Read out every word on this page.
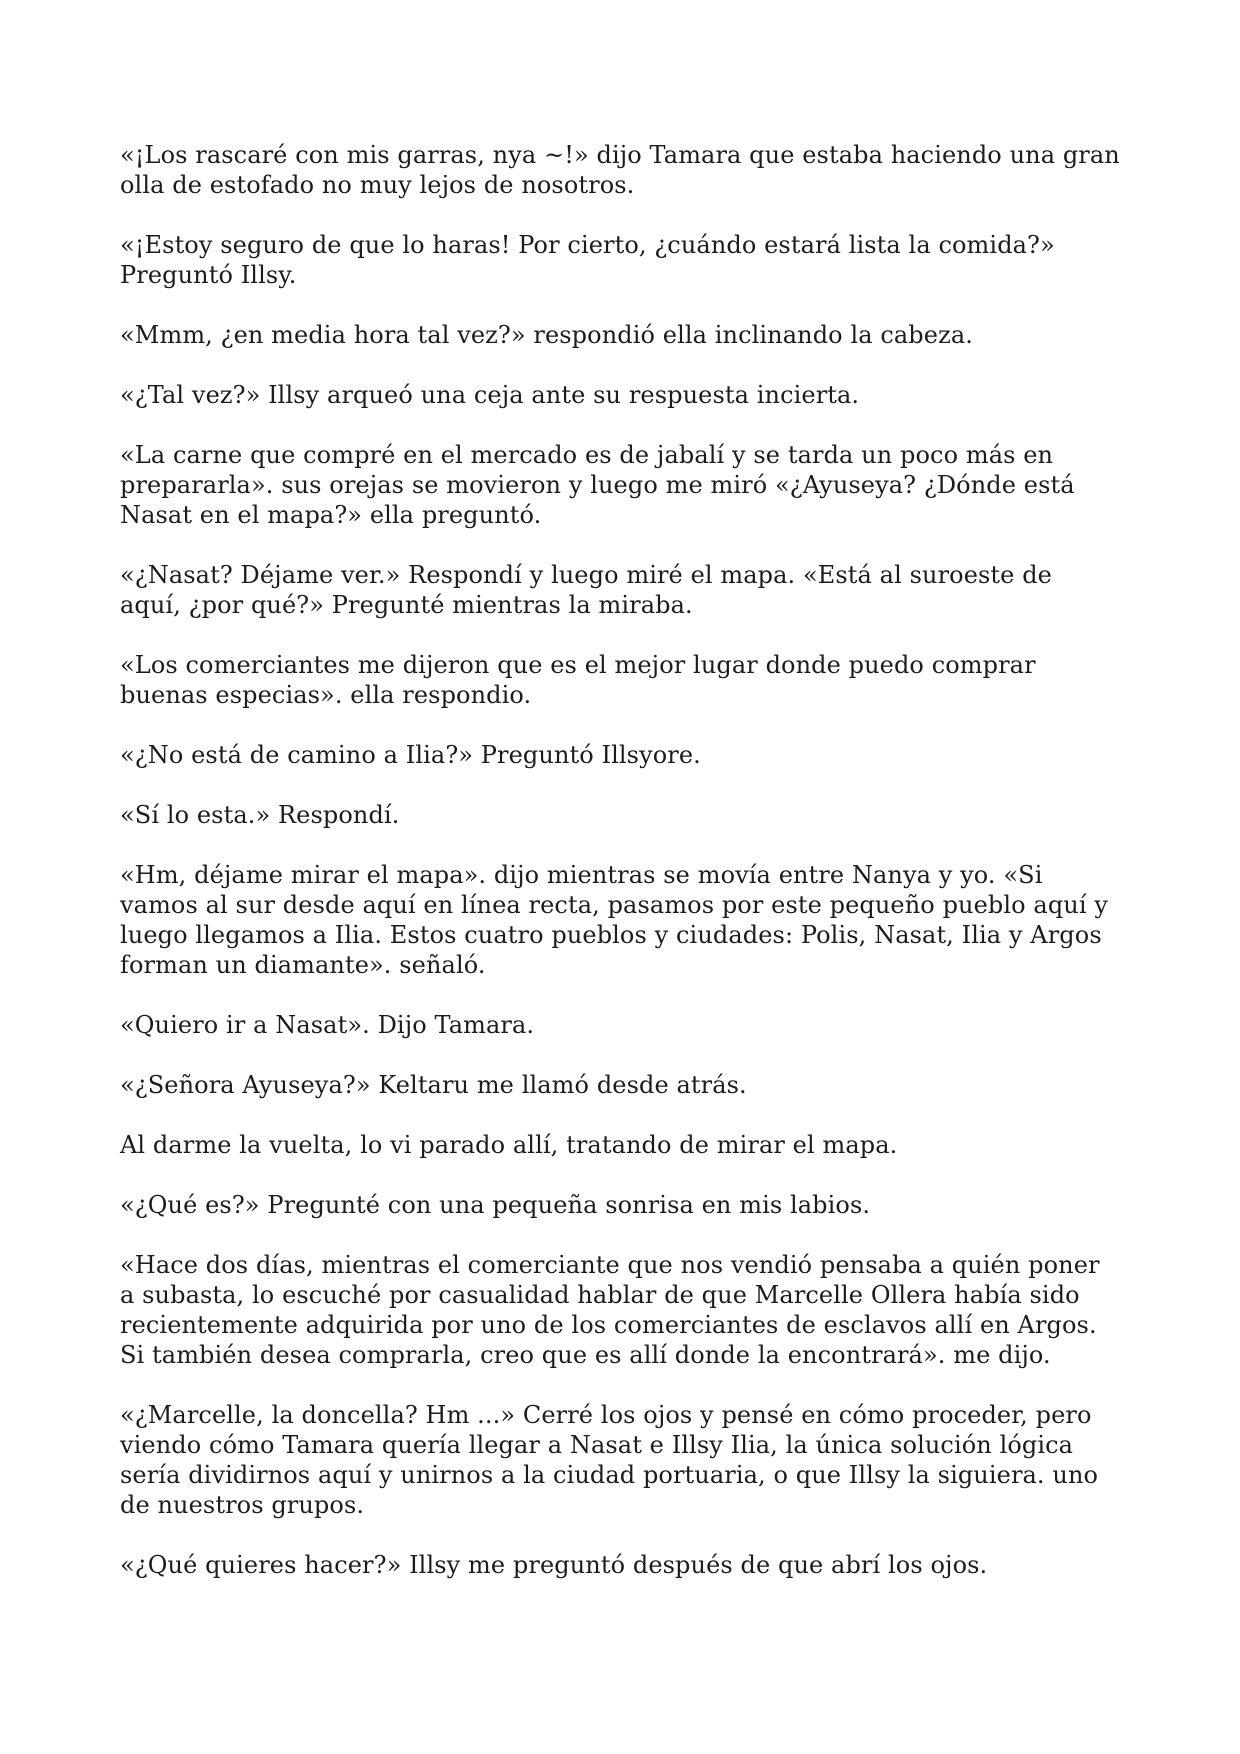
«¡Los rascaré con mis garras, nya ~!» dijo Tamara que estaba haciendo una gran olla de estofado no muy lejos de nosotros.

«¡Estoy seguro de que lo haras! Por cierto, ¿cuándo estará lista la comida?» Preguntó Illsy.

«Mmm, ¿en media hora tal vez?» respondió ella inclinando la cabeza.

«¿Tal vez?» Illsy arqueó una ceja ante su respuesta incierta.

«La carne que compré en el mercado es de jabalí y se tarda un poco más en prepararla». sus orejas se movieron y luego me miró «¿Ayuseya? ¿Dónde está Nasat en el mapa?» ella preguntó.

«¿Nasat? Déjame ver.» Respondí y luego miré el mapa. «Está al suroeste de aquí, ¿por qué?» Pregunté mientras la miraba.

«Los comerciantes me dijeron que es el mejor lugar donde puedo comprar buenas especias». ella respondio.

«¿No está de camino a Ilia?» Preguntó Illsyore.

«Sí lo esta.» Respondí.

«Hm, déjame mirar el mapa». dijo mientras se movía entre Nanya y yo. «Si vamos al sur desde aquí en línea recta, pasamos por este pequeño pueblo aquí y luego llegamos a Ilia. Estos cuatro pueblos y ciudades: Polis, Nasat, Ilia y Argos forman un diamante». señaló.

«Quiero ir a Nasat». Dijo Tamara.

«¿Señora Ayuseya?» Keltaru me llamó desde atrás.

Al darme la vuelta, lo vi parado allí, tratando de mirar el mapa.

«¿Qué es?» Pregunté con una pequeña sonrisa en mis labios.

«Hace dos días, mientras el comerciante que nos vendió pensaba a quién poner a subasta, lo escuché por casualidad hablar de que Marcelle Ollera había sido recientemente adquirida por uno de los comerciantes de esclavos allí en Argos. Si también desea comprarla, creo que es allí donde la encontrará». me dijo.

«¿Marcelle, la doncella? Hm ...» Cerré los ojos y pensé en cómo proceder, pero viendo cómo Tamara quería llegar a Nasat e Illsy Ilia, la única solución lógica sería dividirnos aquí y unirnos a la ciudad portuaria, o que Illsy la siguiera. uno de nuestros grupos.

«¿Qué quieres hacer?» Illsy me preguntó después de que abrí los ojos.
